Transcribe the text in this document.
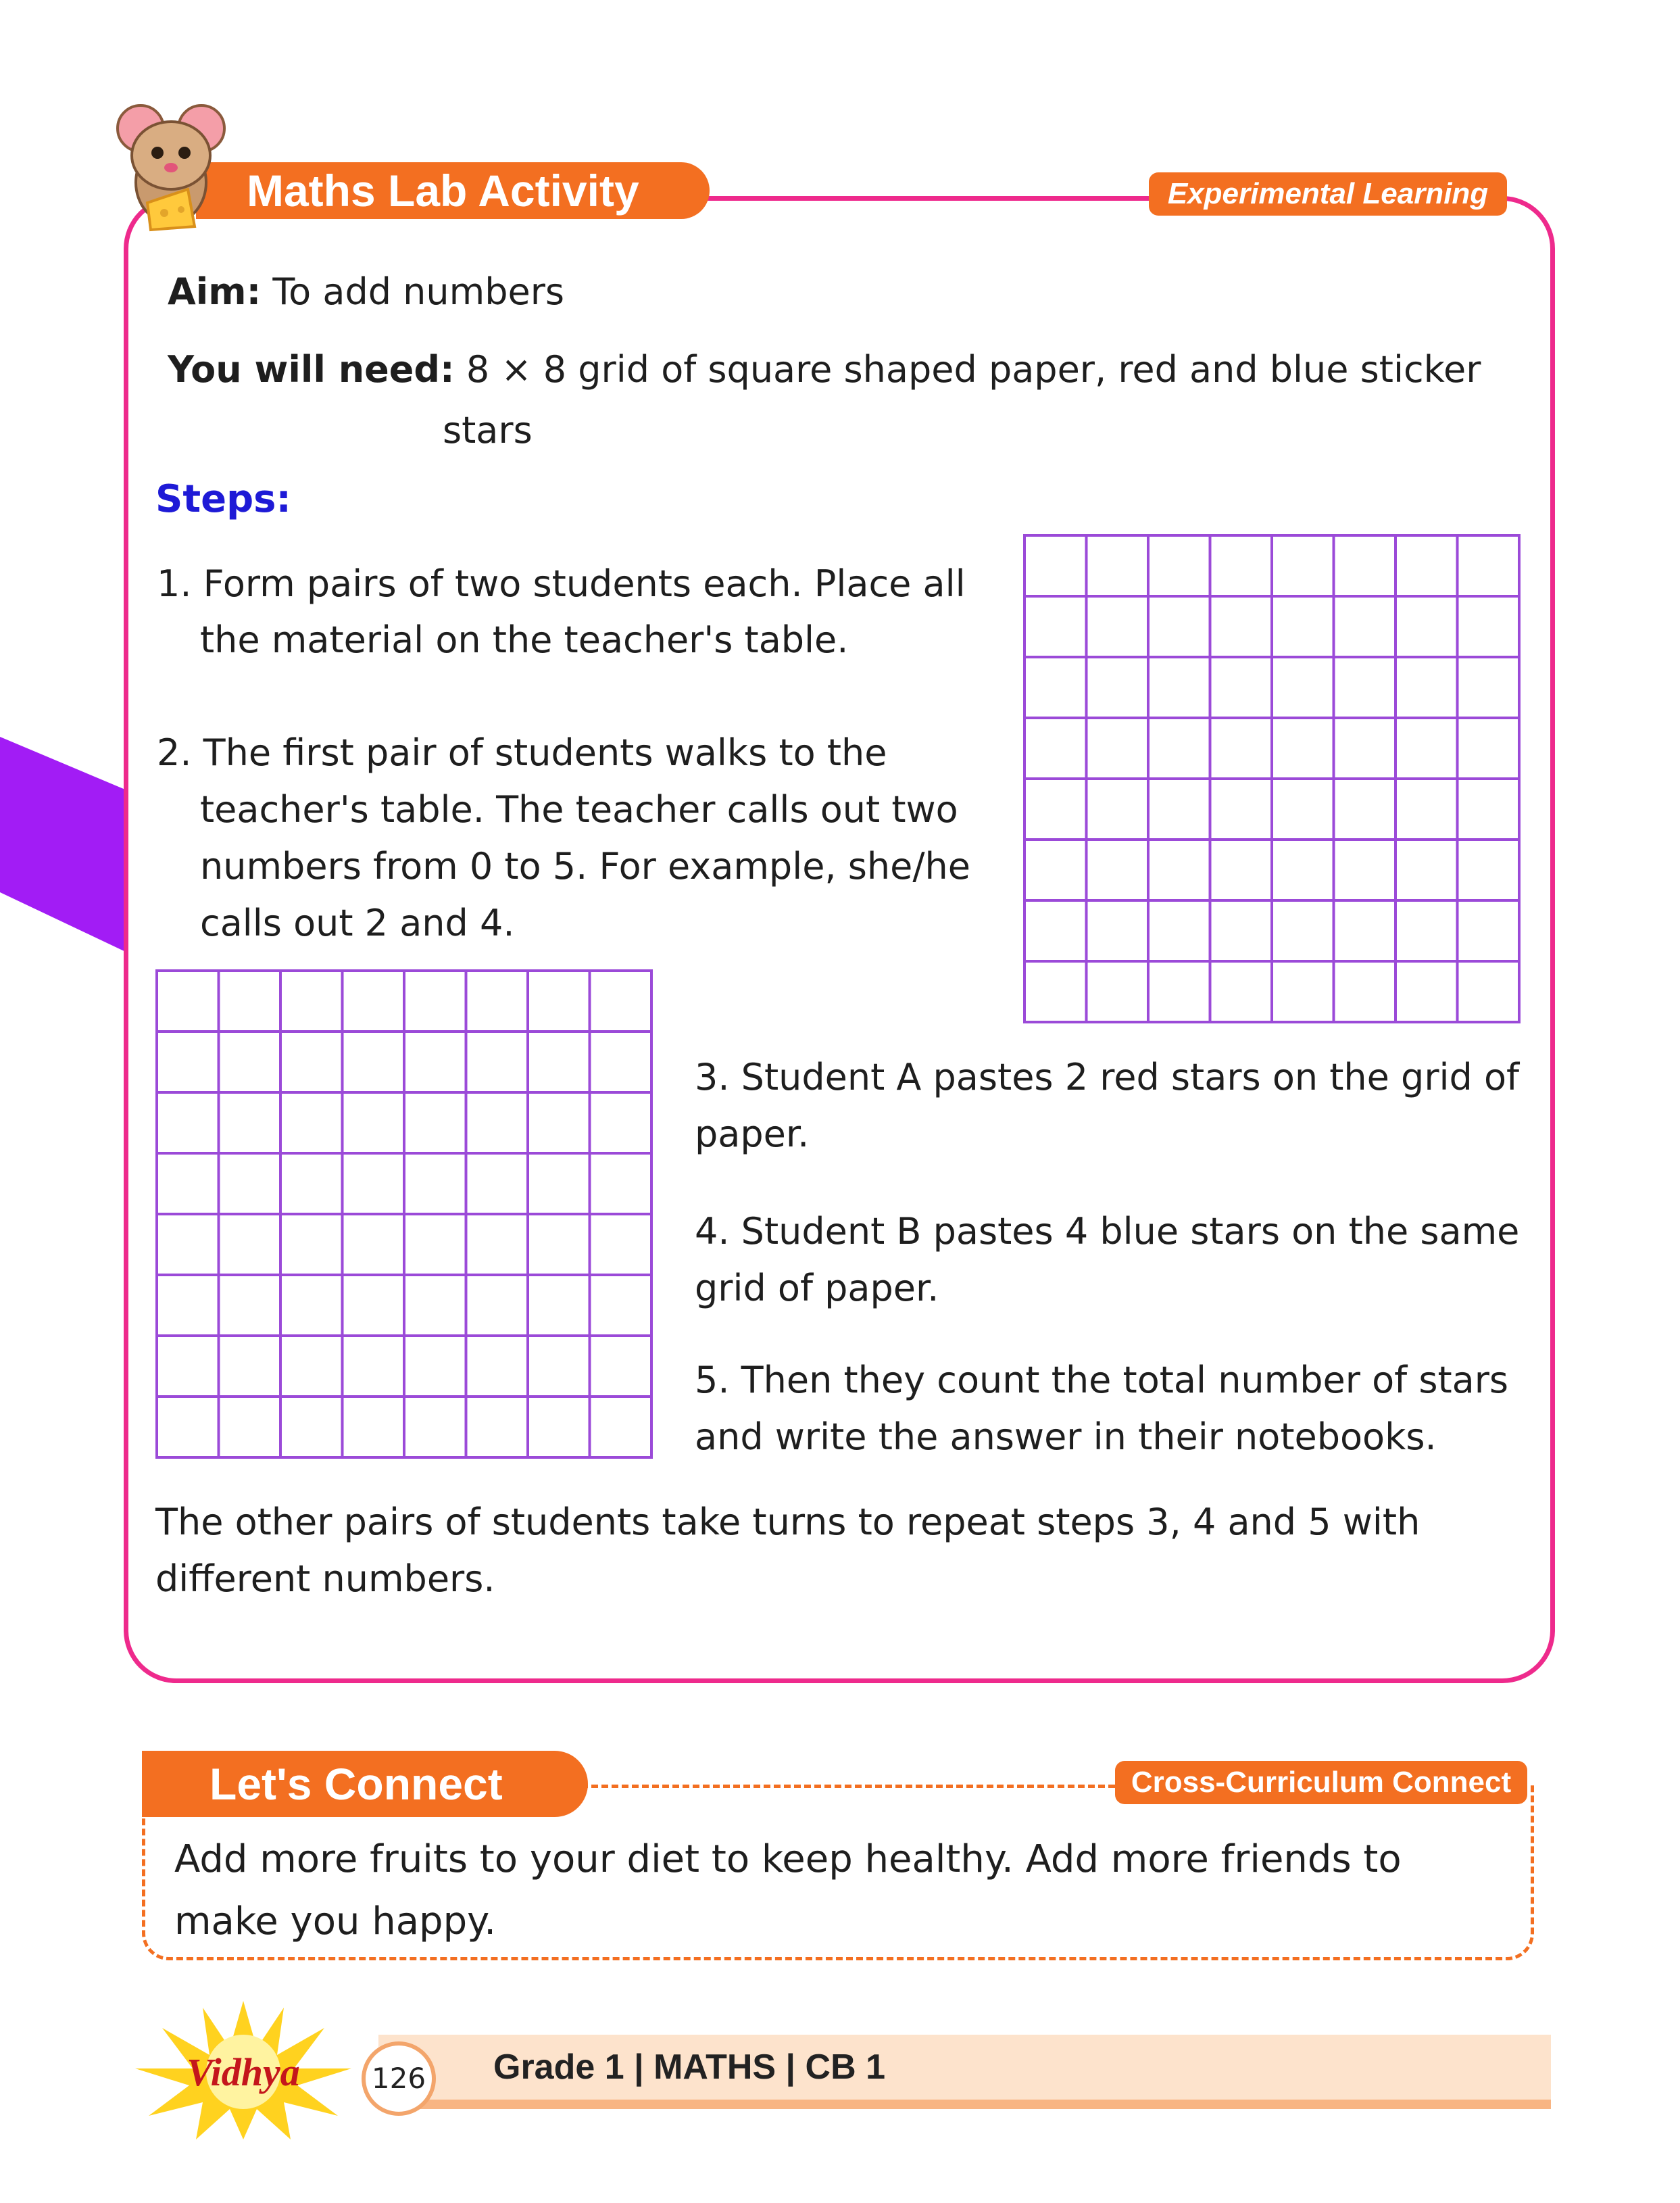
Maths Lab Activity	Experimental Learning
Aim: To add numbers
You will need: 8 × 8 grid of square shaped paper, red and blue sticker
stars
Steps:
1. Form pairs of two students each. Place all
the material on the teacher's table.
2. The first pair of students walks to the
teacher's table. The teacher calls out two
numbers from 0 to 5. For example, she/he
calls out 2 and 4.
3. Student A pastes 2 red stars on the grid of
paper.
4. Student B pastes 4 blue stars on the same
grid of paper.
5. Then they count the total number of stars
and write the answer in their notebooks.
The other pairs of students take turns to repeat steps 3, 4 and 5 with
different numbers.
Let's Connect	Cross-Curriculum Connect
Add more fruits to your diet to keep healthy. Add more friends to
make you happy.
Grade 1 | MATHS | CB 1
126
Vidhya
